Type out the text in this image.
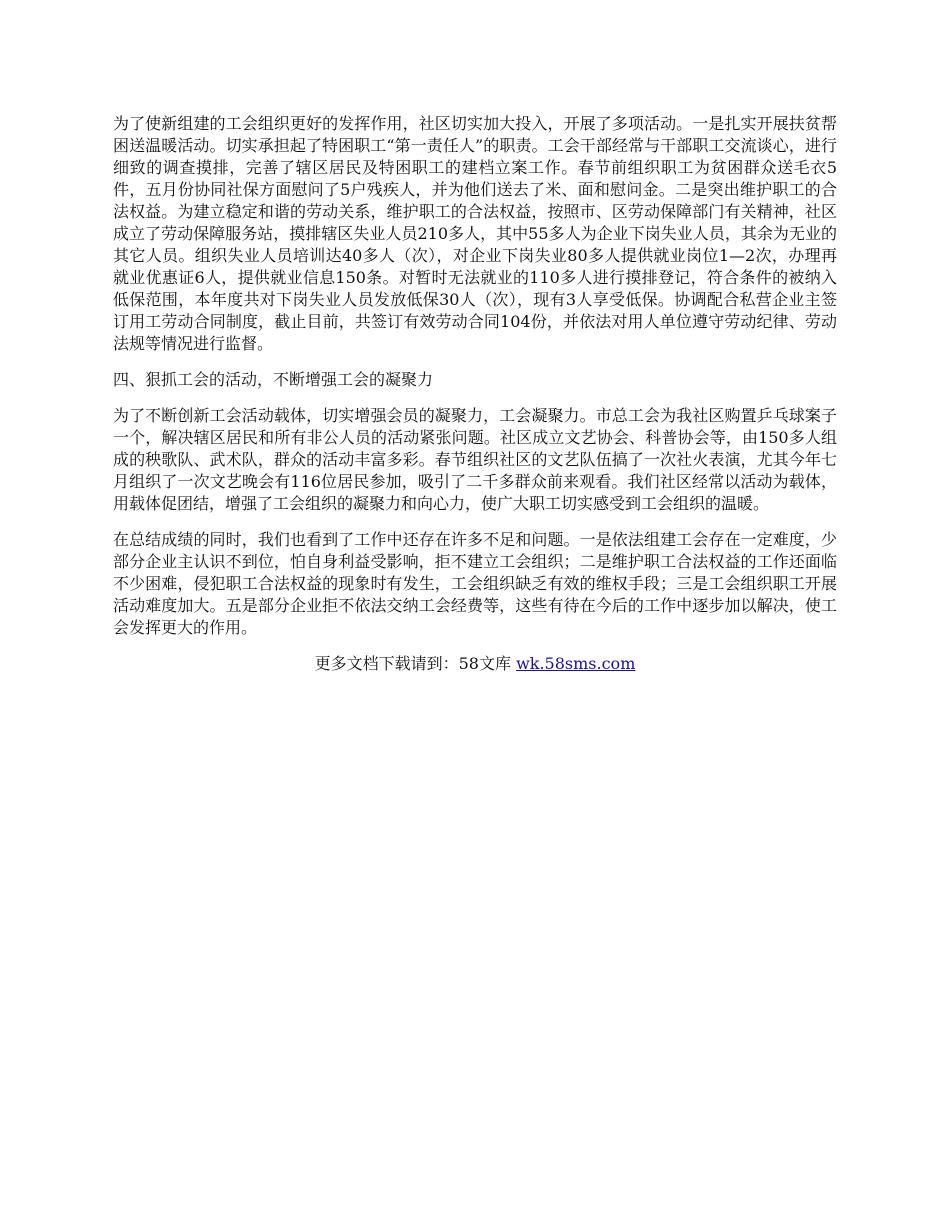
为了使新组建的工会组织更好的发挥作用，社区切实加大投入，开展了多项活动。一是扎实开展扶贫帮困送温暖活动。切实承担起了特困职工“第一责任人”的职责。工会干部经常与干部职工交流谈心，进行细致的调查摸排，完善了辖区居民及特困职工的建档立案工作。春节前组织职工为贫困群众送毛衣5件，五月份协同社保方面慰问了5户残疾人，并为他们送去了米、面和慰问金。二是突出维护职工的合法权益。为建立稳定和谐的劳动关系，维护职工的合法权益，按照市、区劳动保障部门有关精神，社区成立了劳动保障服务站，摸排辖区失业人员210多人，其中55多人为企业下岗失业人员，其余为无业的其它人员。组织失业人员培训达40多人（次），对企业下岗失业80多人提供就业岗位1—2次，办理再就业优惠证6人，提供就业信息150条。对暂时无法就业的110多人进行摸排登记，符合条件的被纳入低保范围，本年度共对下岗失业人员发放低保30人（次），现有3人享受低保。协调配合私营企业主签订用工劳动合同制度，截止目前，共签订有效劳动合同104份，并依法对用人单位遵守劳动纪律、劳动法规等情况进行监督。

四、狠抓工会的活动，不断增强工会的凝聚力

为了不断创新工会活动载体，切实增强会员的凝聚力，工会凝聚力。市总工会为我社区购置乒乓球案子一个，解决辖区居民和所有非公人员的活动紧张问题。社区成立文艺协会、科普协会等，由150多人组成的秧歌队、武术队，群众的活动丰富多彩。春节组织社区的文艺队伍搞了一次社火表演，尤其今年七月组织了一次文艺晚会有116位居民参加，吸引了二千多群众前来观看。我们社区经常以活动为载体，用载体促团结，增强了工会组织的凝聚力和向心力，使广大职工切实感受到工会组织的温暖。

在总结成绩的同时，我们也看到了工作中还存在许多不足和问题。一是依法组建工会存在一定难度，少部分企业主认识不到位，怕自身利益受影响，拒不建立工会组织；二是维护职工合法权益的工作还面临不少困难，侵犯职工合法权益的现象时有发生，工会组织缺乏有效的维权手段；三是工会组织职工开展活动难度加大。五是部分企业拒不依法交纳工会经费等，这些有待在今后的工作中逐步加以解决，使工会发挥更大的作用。

更多文档下载请到：58文库 wk.58sms.com
